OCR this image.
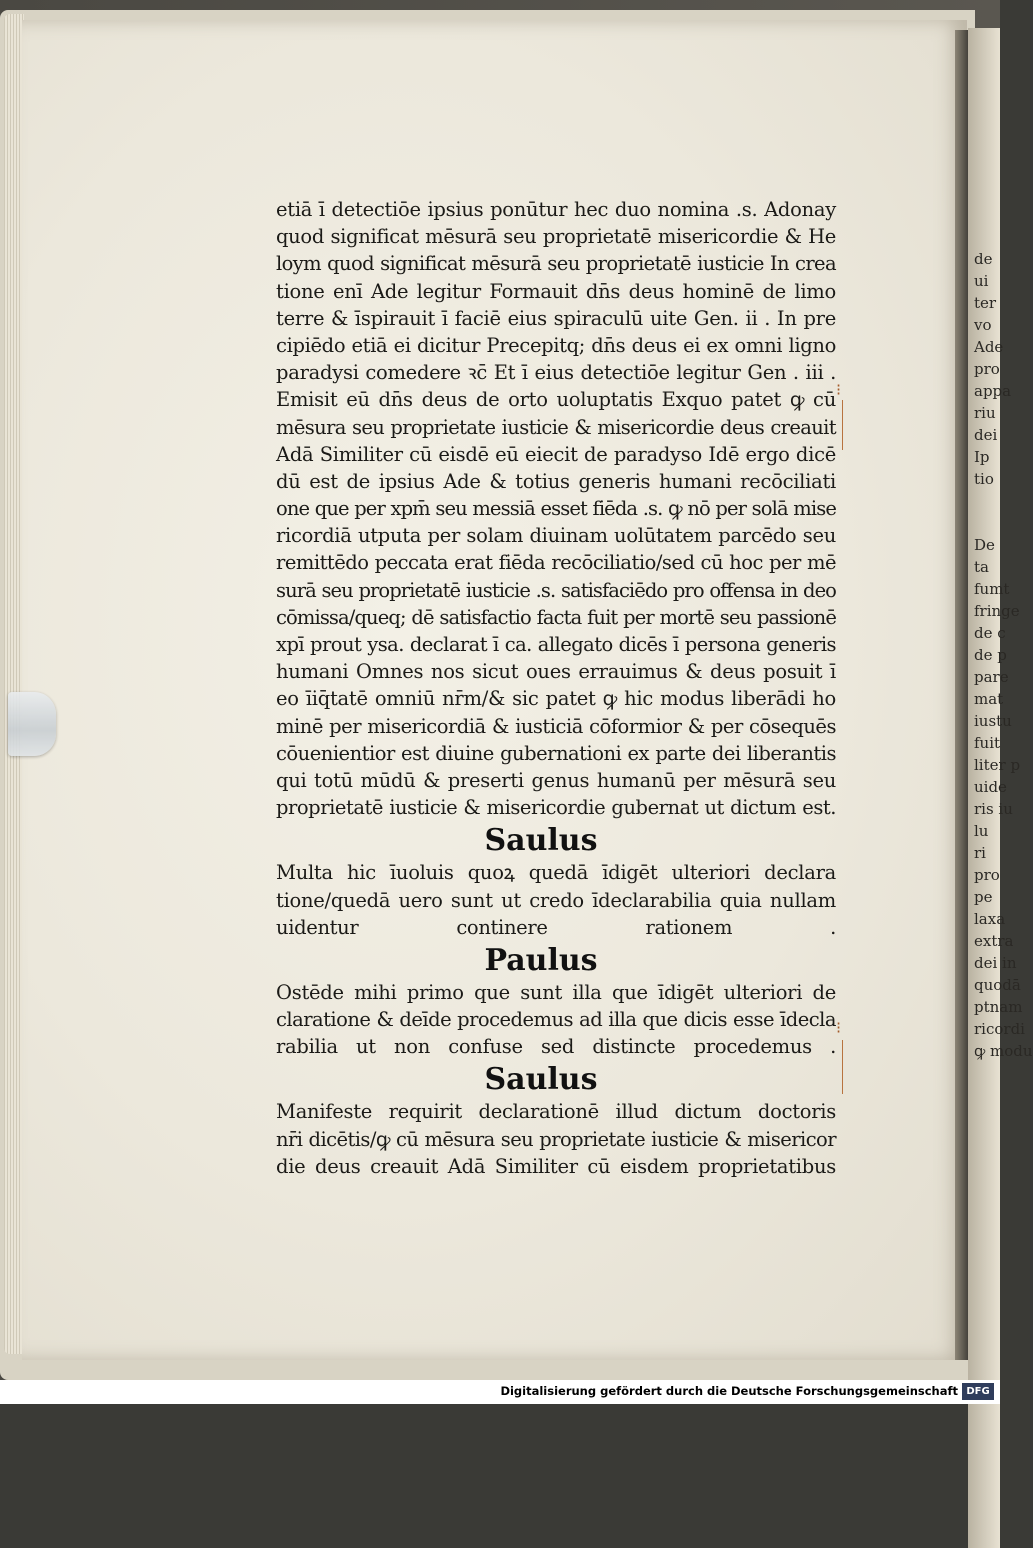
de
ui
ter
vo
Ade
pro
appa
riu
dei
Ip
tio

De
ta
fumt
fringe
de c
de p
pare
mat
iustu
fuit
liter p
uide
ris iu
lu
ri
pro
pe
laxa
extra
dei in
quodā
ptnam
ricordi
ꝙ modu
etiā ī detectiōe ipsius ponūtur hec duo nomina .s. Adonay
quod significat mēsurā seu proprietatē misericordie & He
loym quod significat mēsurā seu proprietatē iusticie In crea
tione enī Ade legitur Formauit dn̄s deus hominē de limo
terre & īspirauit ī faciē eius spiraculū uite Gen. ii . In pre
cipiēdo etiā ei dicitur Precepitq; dn̄s deus ei ex omni ligno
paradysi comedere ꝛc̄ Et ī eius detectiōe legitur Gen . iii .
Emisit eū dn̄s deus de orto uoluptatis Exquo patet ꝙ cū
mēsura seu proprietate iusticie & misericordie deus creauit
Adā Similiter cū eisdē eū eiecit de paradyso Idē ergo dicē
dū est de ipsius Ade & totius generis humani recōciliati
one que per xpm̄ seu messiā esset fiēda .s. ꝙ nō per solā mise
ricordiā utputa per solam diuinam uolūtatem parcēdo seu
remittēdo peccata erat fiēda recōciliatio/sed cū hoc per mē
surā seu proprietatē iusticie .s. satisfaciēdo pro offensa in deo
cōmissa/queq; dē satisfactio facta fuit per mortē seu passionē
xpī prout ysa. declarat ī ca. allegato dicēs ī persona generis
humani Omnes nos sicut oues errauimus & deus posuit ī
eo īiq̄tatē omniū nr̄m/& sic patet ꝙ hic modus liberādi ho
minē per misericordiā & iusticiā cōformior & per cōsequēs
cōuenientior est diuine gubernationi ex parte dei liberantis
qui totū mūdū & preserti genus humanū per mēsurā seu
proprietatē iusticie & misericordie gubernat ut dictum est.
Saulus
Multa hic īuoluis quoꝝ quedā īdigēt ulteriori declara
tione/quedā uero sunt ut credo īdeclarabilia quia nullam
uidentur continere rationem .
Paulus
Ostēde mihi primo que sunt illa que īdigēt ulteriori de
claratione & deīde procedemus ad illa que dicis esse īdecla
rabilia ut non confuse sed distincte procedemus .
Saulus
Manifeste requirit declarationē illud dictum doctoris
nr̄i dicētis/ꝙ cū mēsura seu proprietate iusticie & misericor
die deus creauit Adā Similiter cū eisdem proprietatibus
⁝
⁝
Digitalisierung gefördert durch die Deutsche Forschungsgemeinschaft DFG
